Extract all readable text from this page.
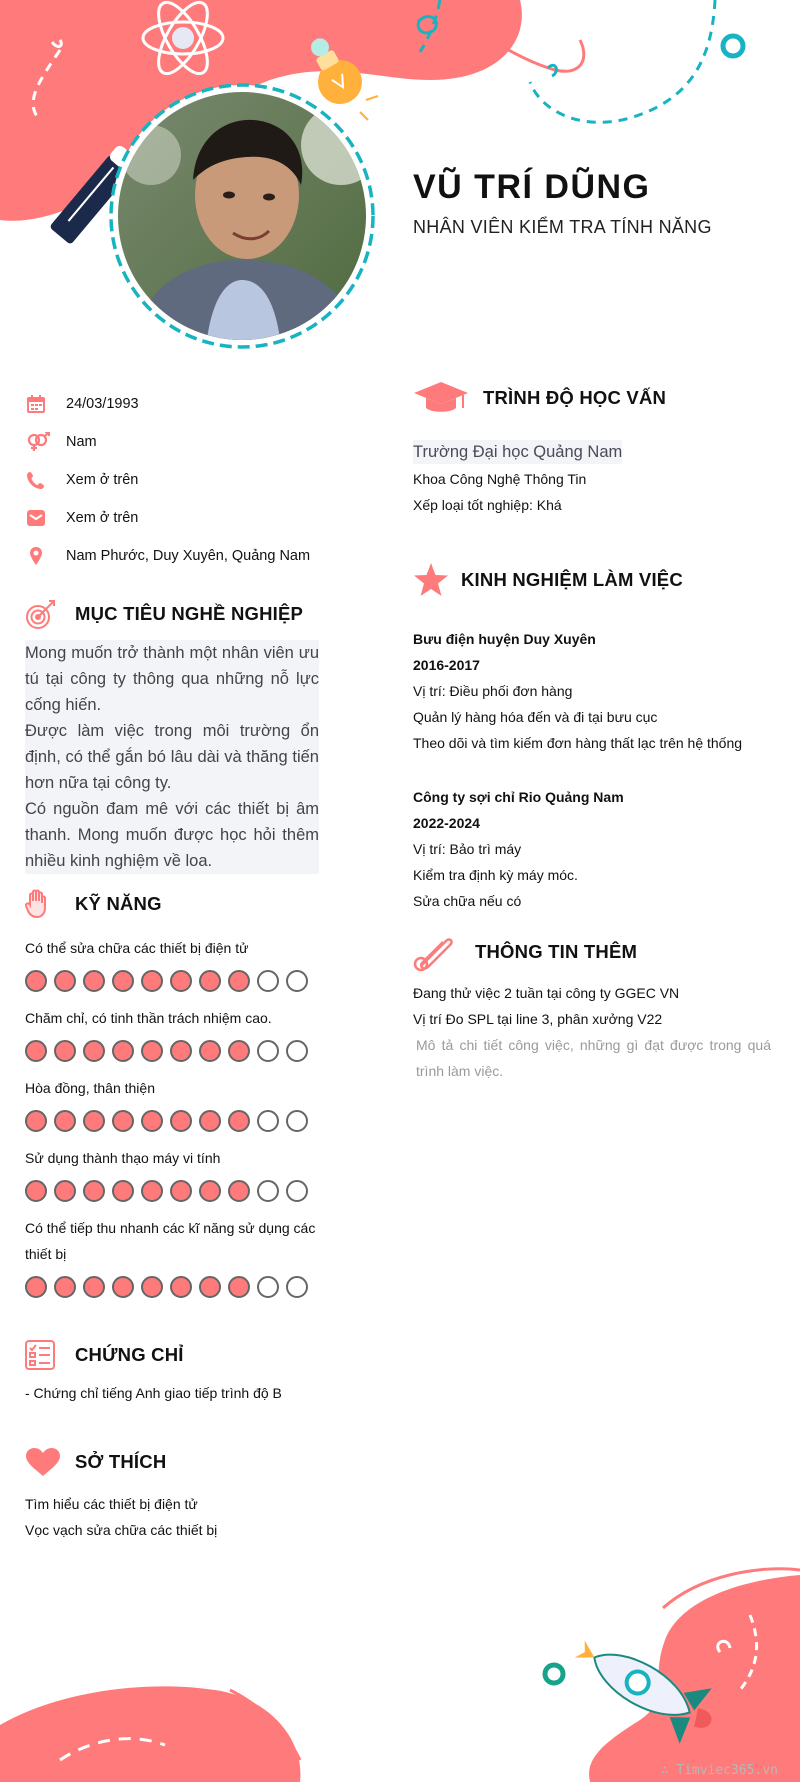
VŨ TRÍ DŨNG
NHÂN VIÊN KIỂM TRA TÍNH NĂNG
24/03/1993
Nam
Xem ở trên
Xem ở trên
Nam Phước, Duy Xuyên, Quảng Nam
MỤC TIÊU NGHỀ NGHIỆP

Mong muốn trở thành một nhân viên ưu tú tại công ty thông qua những nỗ lực cống hiến.

Được làm việc trong môi trường ổn định, có thể gắn bó lâu dài và thăng tiến hơn nữa tại công ty.

Có nguồn đam mê với các thiết bị âm thanh. Mong muốn được học hỏi thêm nhiều kinh nghiệm về loa.

KỸ NĂNG
Có thể sửa chữa các thiết bị điện tử
Chăm chỉ, có tinh thần trách nhiệm cao.
Hòa đồng, thân thiện
Sử dụng thành thạo máy vi tính
Có thể tiếp thu nhanh các kĩ năng sử dụng các thiết bị
CHỨNG CHỈ
- Chứng chỉ tiếng Anh giao tiếp trình độ B
SỞ THÍCH
Tìm hiểu các thiết bị điện tử
Vọc vạch sửa chữa các thiết bị
TRÌNH ĐỘ HỌC VẤN
Trường Đại học Quảng Nam
Khoa Công Nghệ Thông Tin
Xếp loại tốt nghiệp: Khá
KINH NGHIỆM LÀM VIỆC
Bưu điện huyện Duy Xuyên
2016-2017
Vị trí: Điều phối đơn hàng
Quản lý hàng hóa đến và đi tại bưu cục
Theo dõi và tìm kiếm đơn hàng thất lạc trên hệ thống
Công ty sợi chỉ Rio Quảng Nam
2022-2024
Vị trí: Bảo trì máy
Kiểm tra định kỳ máy móc.
Sửa chữa nếu có
THÔNG TIN THÊM
Đang thử việc 2 tuần tại công ty GGEC VN
Vị trí Đo SPL tại line 3, phân xưởng V22
Mô tả chi tiết công việc, những gì đạt được trong quá trình làm việc.
∴ Timviec365.vn
